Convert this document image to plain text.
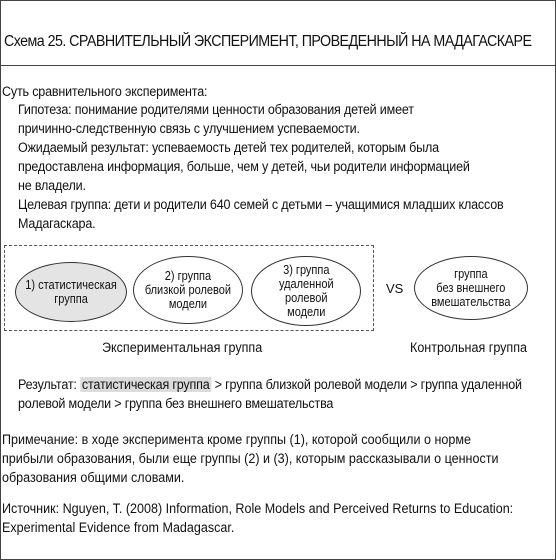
Схема 25. СРАВНИТЕЛЬНЫЙ ЭКСПЕРИМЕНТ, ПРОВЕДЕННЫЙ НА МАДАГАСКАРЕ
Суть сравнительного эксперимента:
Гипотеза: понимание родителями ценности образования детей имеет
причинно-следственную связь с улучшением успеваемости.
Ожидаемый результат: успеваемость детей тех родителей, которым была
предоставлена информация, больше, чем у детей, чьи родители информацией
не владели.
Целевая группа: дети и родители 640 семей с детьми – учащимися младших классов
Мадагаскара.
1) статистическая
группа
2) группа
близкой ролевой
модели
3) группа
удаленной
ролевой
модели
VS
группа
без внешнего
вмешательства
Экспериментальная группа	Контрольная группа
Результат: статистическая группа > группа близкой ролевой модели > группа удаленной
ролевой модели > группа без внешнего вмешательства
Примечание: в ходе эксперимента кроме группы (1), которой сообщили о норме
прибыли образования, были еще группы (2) и (3), которым рассказывали о ценности
образования общими словами.
Источник: Nguyen, T. (2008) Information, Role Models and Perceived Returns to Education:
Experimental Evidence from Madagascar.
